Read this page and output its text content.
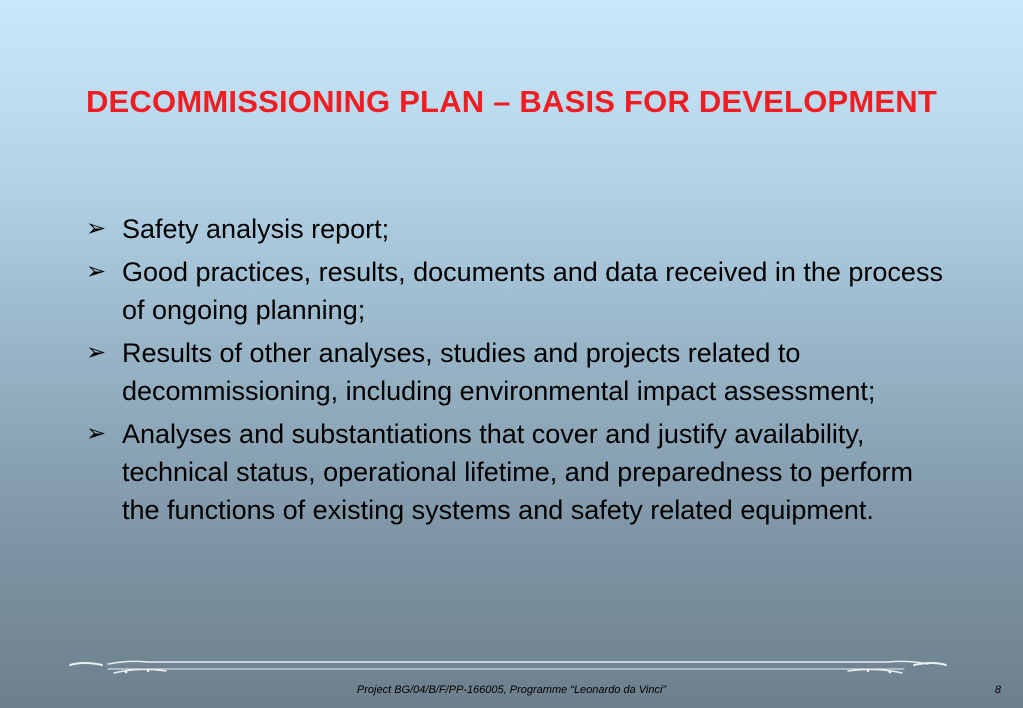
DECOMMISSIONING PLAN – BASIS FOR DEVELOPMENT
➢ Safety analysis report;
➢ Good practices, results, documents and data received in the process of ongoing planning;
➢ Results of other analyses, studies and projects related to decommissioning, including environmental impact assessment;
➢ Analyses and substantiations that cover and justify availability, technical status, operational lifetime, and preparedness to perform the functions of existing systems and safety related equipment.
Project BG/04/B/F/PP-166005, Programme “Leonardo da Vinci”	8
